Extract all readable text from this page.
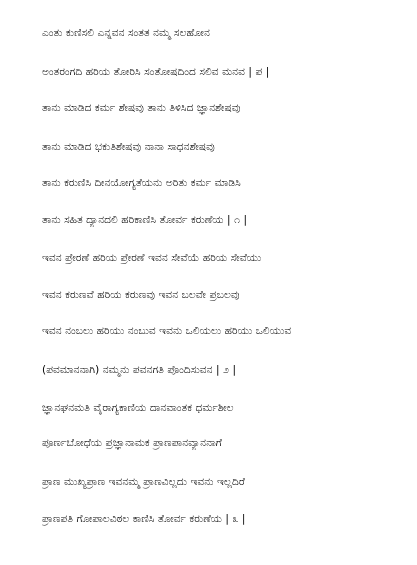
ಎಂತು ಕುಣಿಸಲಿ ಎನ್ನವನ ಸಂತತ ನಮ್ಮ ಸಲಹೋನ
ಅಂತರಂಗದಿ ಹರಿಯ ತೋರಿಸಿ ಸಂತೋಷದಿಂದ ಸಲಿವ ಮನವ | ಪ |
ತಾನು ಮಾಡಿದ ಕರ್ಮ ಶೇಷವು ತಾನು ತಿಳಿಸಿದ ಜ್ಞಾನಶೇಷವು
ತಾನು ಮಾಡಿದ ಭಕುತಿಶೇಷವು ನಾನಾ ಸಾಧನಶೇಷವು
ತಾನು ಕರುಣಿಸಿ ದೀನಯೋಗ್ಯತೆಯನು ಅರಿತು ಕರ್ಮ ಮಾಡಿಸಿ
ತಾನು ಸಹಿತ ದ್ಯಾನದಲಿ ಹರಿಕಾಣಿಸಿ ತೋರ್ವ ಕರುಣೆಯ | ೧ |
ಇವನ ಪ್ರೇರಣೆ ಹರಿಯ ಪ್ರೇರಣೆ ಇವನ ಸೇವೆಯೆ ಹರಿಯ ಸೇವೆಯು
ಇವನ ಕರುಣವೆ ಹರಿಯ ಕರುಣವು ಇವನ ಬಲವೇ ಪ್ರಬಲವು
ಇವನ ನಂಬಲು ಹರಿಯು ನಂಬುವ ಇವನು ಒಲಿಯಲು ಹರಿಯು ಒಲಿಯುವ
(ಪವಮಾನನಾಗಿ) ನಮ್ಮನು ಪವನಗತಿ ಪೊಂದಿಸುವನ | ೨ |
ಜ್ಞಾನಘನಮತಿ ವೈರಾಗ್ಯಕಾಣಿಯ ದಾನವಾಂತಕ ಧರ್ಮಶೀಲ
ಪೂರ್ಣಬೋಧೆಯ ಪ್ರಜ್ಞಾನಾಮಕ ಪ್ರಾಣಪಾನವ್ಯಾನನಾಗೆ
ಪ್ರಾಣ ಮುಖ್ಯಪ್ರಾಣ ಇವನಮ್ಮ ಪ್ರಾಣವಿಲ್ಲದು ಇವನು ಇಲ್ಲದಿರೆ
ಪ್ರಾಣಪತಿ ಗೋಪಾಲವಿಠಲ ಕಾಣಿಸಿ ತೋರ್ವ ಕರುಣೆಯ | ೩ |
